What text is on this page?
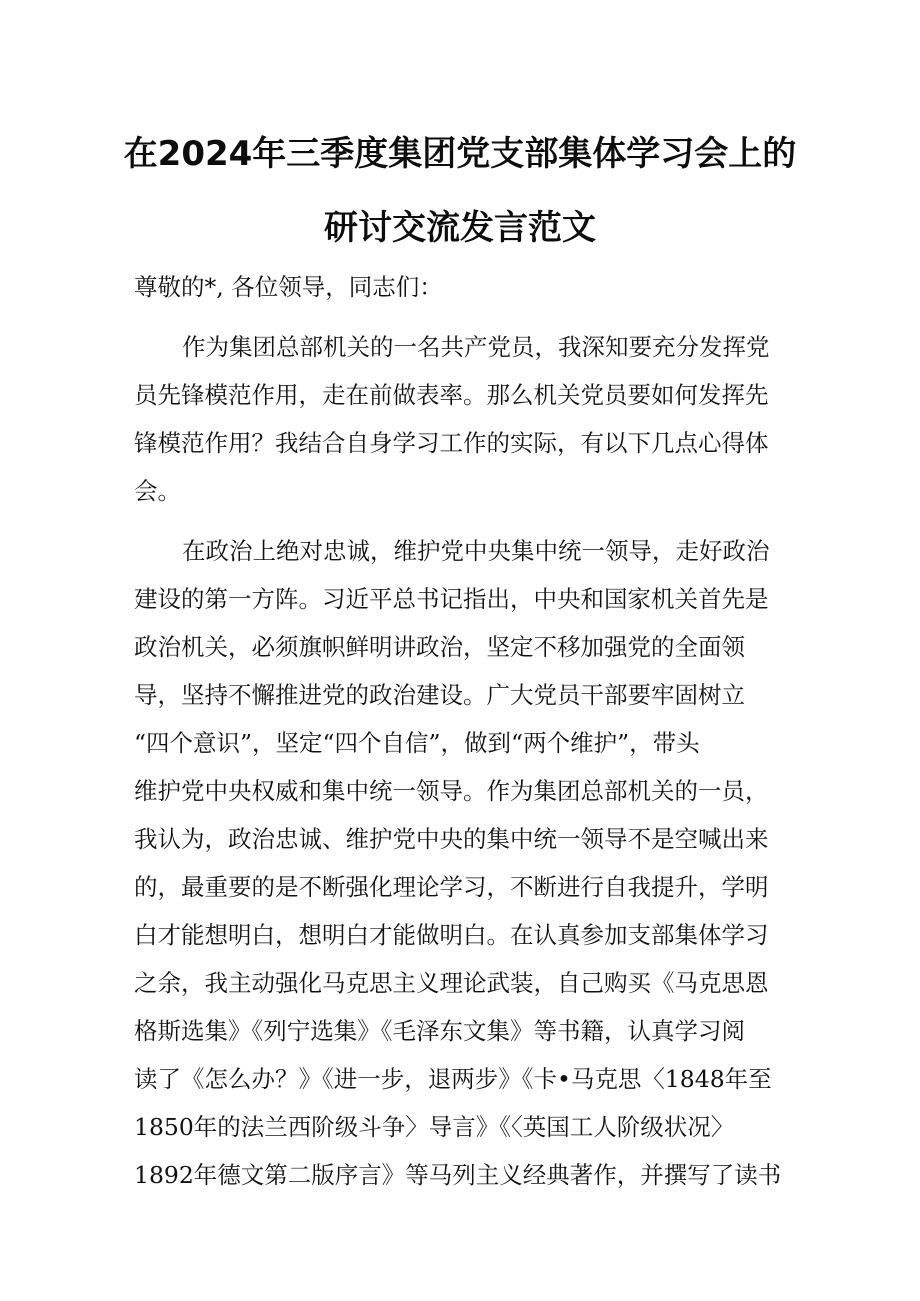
在2024年三季度集团党支部集体学习会上的
研讨交流发言范文
尊敬的*, 各位领导，同志们：
作为集团总部机关的一名共产党员，我深知要充分发挥党
员先锋模范作用，走在前做表率。那么机关党员要如何发挥先
锋模范作用？我结合自身学习工作的实际，有以下几点心得体
会。
在政治上绝对忠诚，维护党中央集中统一领导，走好政治
建设的第一方阵。习近平总书记指出，中央和国家机关首先是
政治机关，必须旗帜鲜明讲政治，坚定不移加强党的全面领
导，坚持不懈推进党的政治建设。广大党员干部要牢固树立
“四个意识”，坚定“四个自信”，做到“两个维护”，带头
维护党中央权威和集中统一领导。作为集团总部机关的一员，
我认为，政治忠诚、维护党中央的集中统一领导不是空喊出来
的，最重要的是不断强化理论学习，不断进行自我提升，学明
白才能想明白，想明白才能做明白。在认真参加支部集体学习
之余，我主动强化马克思主义理论武装，自己购买《马克思恩
格斯选集》《列宁选集》《毛泽东文集》等书籍，认真学习阅
读了《怎么办？》《进一步，退两步》《卡•马克思〈1848年至
1850年的法兰西阶级斗争〉导言》《〈英国工人阶级状况〉
1892年德文第二版序言》等马列主义经典著作，并撰写了读书
